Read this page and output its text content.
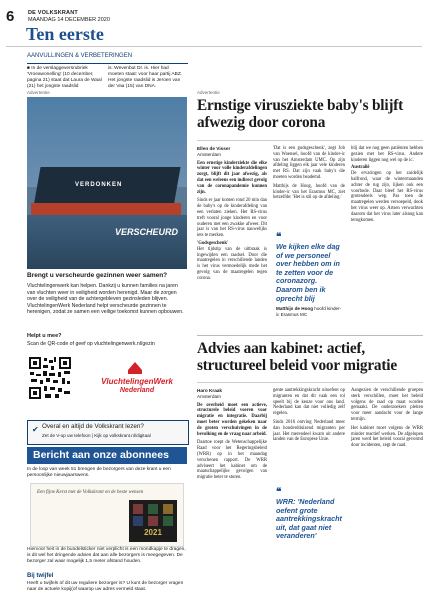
6 DE VOLKSKRANT
MAANDAG 14 DECEMBER 2020
Ten eerste
AANVULLINGEN & VERBETERINGEN
■ In de verslaggeversrubriek 'Vroeawonelling' (10 december, pagina 21) staat dat Laura de Waal (21) het jongste raadslid
is. Wevenbut Dr. is. Hier had moeten staat: voor haar partij ABZ. Het jongste raadslid is Jeroen van der Vaa (15) van DNA.
Advertentie
VERDONKEN
VERSCHEURD
Brengt u verscheurde gezinnen weer samen?
Vluchtelingenwerk kan helpen. Dankzij u kunnen families na jaren van vluchten weer in veiligheid worden herenigd. Maar de zorgen over de veiligheid van de achtergebleven gezinsleden blijven. VluchtelingenWerk Nederland helpt verscheurde gezinnen te herenigen, zodat ze samen een veilige toekomst kunnen opbouwen.
Helpt u mee?
Scan de QR-code of geef op vluchtelingenwerk.nl/gezin
VluchtelingenWerk
Nederland
✔ Overal en altijd de Volkskrant lezen?
Zet de V-op uw telefoon | Kijk op volkskrant.nl/digitaal
Bericht aan onze abonnees
In de loop van week 51 brengen de bezorgers van deze krant u een persoonlijke nieuwjaarswens.
Een fijne Kerst met de Volkskrant en de beste wensen
2021
Hiervoor heit in de bundelsticker niet verplicht is een mondkapje te dragen, is dit wel het dringende advies dat aan alle bezorgers is meegegeven. De bezorger zal waar mogelijk 1,5 meter afstand houden.
Bij twijfel
Heeft u twijfels of dit uw reguliere bezorger is? U kunt de bezorger vragen naar de actuele kopij(of waarop uw adres vermeld staat.
Advertentie
Ernstige virusziekte baby's blijft afwezig door corona
Ellen de Visser
Amsterdam
Een ernstige kinderziekte die elke winter voor volle kinderafdelingen zorgt, blijft dit jaar afwezig, als dat een weleens een indirect gevolg van de coronapandemie kunnen zijn.
Sinds er jaar komen rond 20 min dan de baby's op de kinderafdeling van een verlaten zieken. Het RS-virus treft vooral jonge kinderen en voor ouderen met een zwakke afweer. Dit jaar is van het RS-virus nauwelijks iets te merken.
'Godsgeschenk'
Het tijdstip van de uitbraak is ingewijden een raadsel. Door die maatregelen in verschillende landen is het virus vermoedelijk mede het gevolg van de maatregelen tegen corona.
'Dat is een godsgeschenk', zegt Job van Woensel, hoofd van de kinder-ic van het Amsterdam UMC. Op zijn afdeling liggen elk jaar vele kinderen met RS. Dat zijn vaak baby's die moeten worden beademd.
Matthijs de Hoog, hoofd van de kinder-ic van het Erasmus MC, ziet hetzelfde: 'Het is stil op de afdeling.'
❝
We kijken elke dag of we personeel over hebben om in te zetten voor de coronazorg. Daarom ben ik oprecht blij
Matthijs de Hoog hoofd kinder-ic Erasmus MC
blij dat we nog geen patiënten hebben gezien met het RS-virus. Andere kinderen liggen nog wel op de ic.
Australië
De ervaringen op het zuidelijk halfrond, waar de wintermaanden achter de rug zijn, lijken ook een voorbode. Daar bleef het RS-virus grotendeels weg. Pas toen de maatregelen werden versoepeld, dook het virus weer op. Artsen verwachten daarom dat het virus later alsnog kan terugkomen.
Advies aan kabinet: actief, structureel beleid voor migratie
Haro Kraak
Amsterdam
De overheid moet een actieve, structurele beleid voeren voor migratie en integratie. Daarbij moet beter worden gekeken naar de groten verschuivingen in de bevolking en de vraag naar arbeid.
Daartoe roept de Wetenschappelijke Raad voor het Regeringsbeleid (WRR) op in het maandag verschenen rapport. De WRR adviseert het kabinet om de maatschappelijke gevolgen van migratie beter te sturen.
gente aantrekkingskracht uitoefent op migranten en dat dit vaak een rol speelt bij de keuze voor ons land. Nederland kan dat niet volledig zelf regelen.
Sinds 2016 ontving Nederland meer dan honderdduizend migranten per jaar. Het merendeel kwam uit andere landen van de Europese Unie.
❝
WRR: 'Nederland oefent grote aantrekkingskracht uit, dat gaat niet veranderen'
Aangezien de verschillende groepen sterk verschillen, moet het beleid volgens de raad op maat worden gemaakt. De onderzoekers pleiten voor meer aandacht voor de lange termijn.
Het kabinet moet volgens de WRR minder reactief werken. De afgelopen jaren werd het beleid vooral gevormd door incidenten, zegt de raad.
